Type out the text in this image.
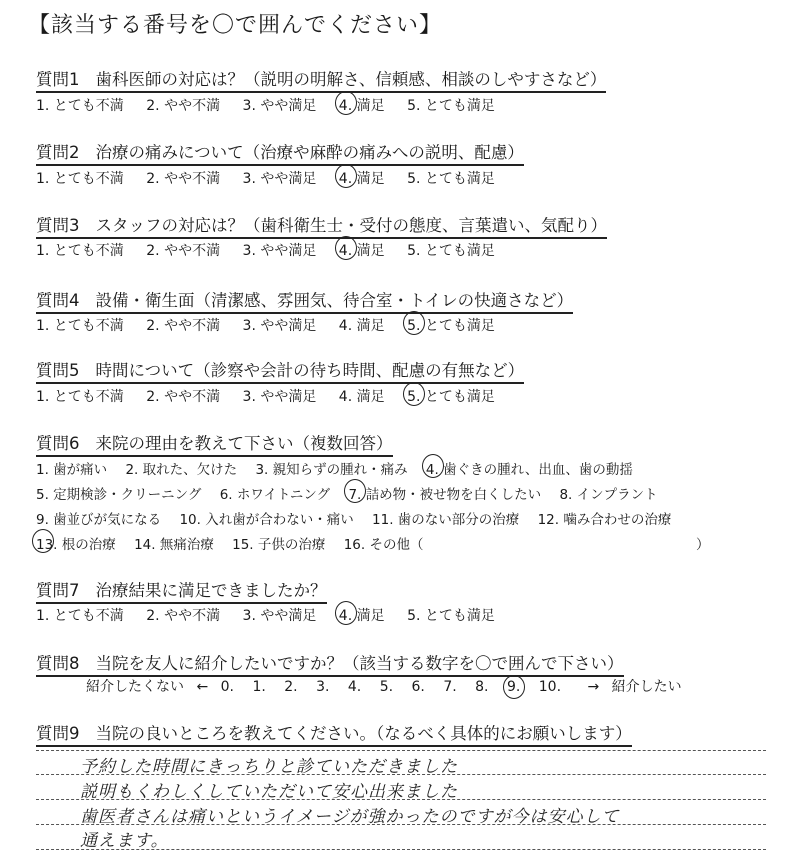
【該当する番号を〇で囲んでください】
質問1 歯科医師の対応は？（説明の明解さ、信頼感、相談のしやすさなど）
1. とても不満 2. やや不満 3. やや満足 4. 満足 5. とても満足
質問2 治療の痛みについて（治療や麻酔の痛みへの説明、配慮）
1. とても不満 2. やや不満 3. やや満足 4. 満足 5. とても満足
質問3 スタッフの対応は？（歯科衛生士・受付の態度、言葉遣い、気配り）
1. とても不満 2. やや不満 3. やや満足 4. 満足 5. とても満足
質問4 設備・衛生面（清潔感、雰囲気、待合室・トイレの快適さなど）
1. とても不満 2. やや不満 3. やや満足 4. 満足 5. とても満足
質問5 時間について（診察や会計の待ち時間、配慮の有無など）
1. とても不満 2. やや不満 3. やや満足 4. 満足 5. とても満足
質問6 来院の理由を教えて下さい（複数回答）
1. 歯が痛い 2. 取れた、欠けた 3. 親知らずの腫れ・痛み 4. 歯ぐきの腫れ、出血、歯の動揺
5. 定期検診・クリーニング 6. ホワイトニング 7. 詰め物・被せ物を白くしたい 8. インプラント
9. 歯並びが気になる 10. 入れ歯が合わない・痛い 11. 歯のない部分の治療 12. 噛み合わせの治療
13. 根の治療 14. 無痛治療 15. 子供の治療 16. その他（	）
質問7 治療結果に満足できましたか？
1. とても不満 2. やや不満 3. やや満足 4. 満足 5. とても満足
質問8 当院を友人に紹介したいですか？（該当する数字を〇で囲んで下さい）
紹介したくない ← 0. 1. 2. 3. 4. 5. 6. 7. 8. 9. 10. → 紹介したい
質問9 当院の良いところを教えてください。（なるべく具体的にお願いします）
予約した時間にきっちりと診ていただきました
説明もくわしくしていただいて安心出来ました
歯医者さんは痛いというイメージが強かったのですが今は安心して
通えます。
